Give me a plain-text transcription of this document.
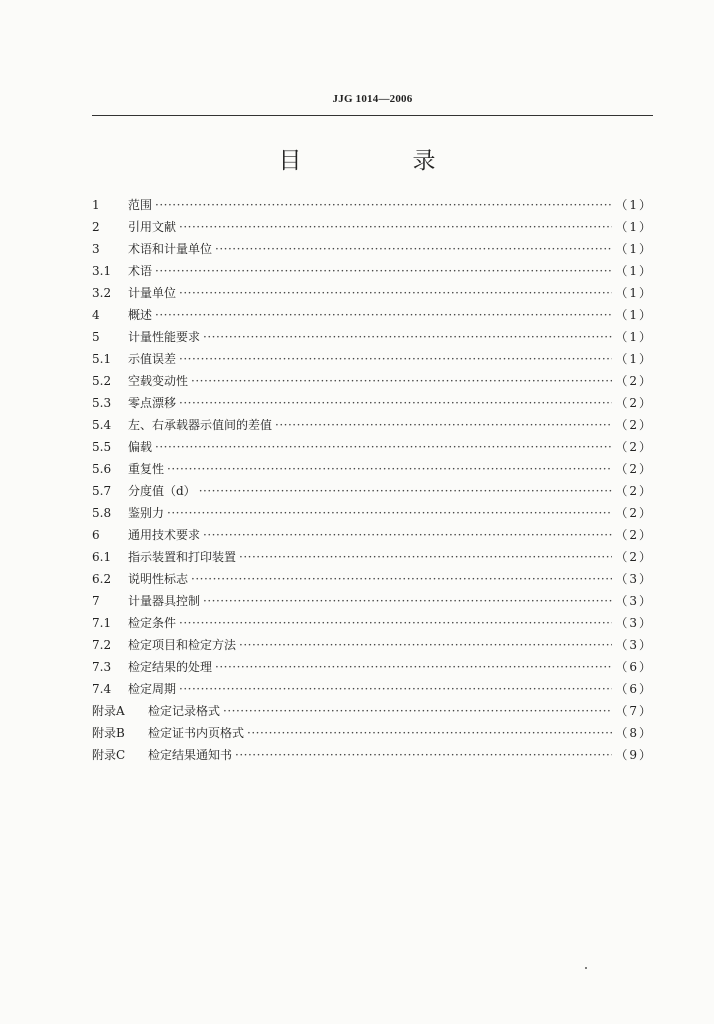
JJG 1014—2006
目　录
1	范围 ·····	（1）
2	引用文献 ·····	（1）
3	术语和计量单位 ·····	（1）
3.1	术语 ·····	（1）
3.2	计量单位 ·····	（1）
4	概述 ·····	（1）
5	计量性能要求 ·····	（1）
5.1	示值误差 ·····	（1）
5.2	空载变动性 ·····	（2）
5.3	零点漂移 ·····	（2）
5.4	左、右承载器示值间的差值 ·····	（2）
5.5	偏载 ·····	（2）
5.6	重复性 ·····	（2）
5.7	分度值（d） ·····	（2）
5.8	鉴别力 ·····	（2）
6	通用技术要求 ·····	（2）
6.1	指示装置和打印装置 ·····	（2）
6.2	说明性标志 ·····	（3）
7	计量器具控制 ·····	（3）
7.1	检定条件 ·····	（3）
7.2	检定项目和检定方法 ·····	（3）
7.3	检定结果的处理 ·····	（6）
7.4	检定周期 ·····	（6）
附录A	检定记录格式 ·····	（7）
附录B	检定证书内页格式 ·····	（8）
附录C	检定结果通知书 ·····	（9）
